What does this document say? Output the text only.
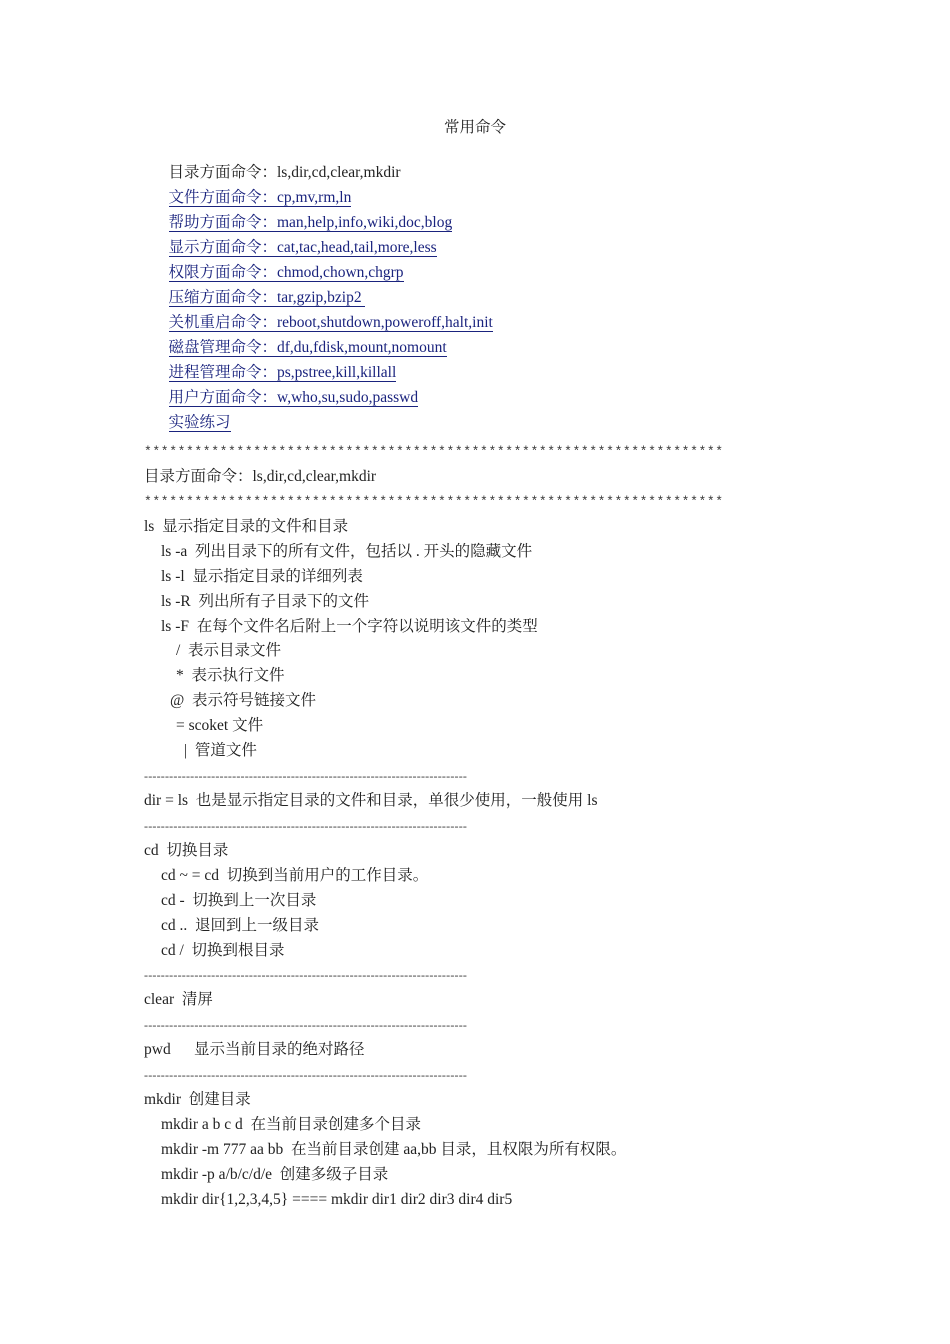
常用命令

目录方面命令：ls,dir,cd,clear,mkdir

文件方面命令：cp,mv,rm,ln

帮助方面命令：man,help,info,wiki,doc,blog

显示方面命令：cat,tac,head,tail,more,less

权限方面命令：chmod,chown,chgrp

压缩方面命令：tar,gzip,bzip2

关机重启命令：reboot,shutdown,poweroff,halt,init

磁盘管理命令：df,du,fdisk,mount,nomount

进程管理命令：ps,pstree,kill,killall

用户方面命令：w,who,su,sudo,passwd

实验练习

*********************************************************************
目录方面命令：ls,dir,cd,clear,mkdir
*********************************************************************
ls  显示指定目录的文件和目录
ls -a  列出目录下的所有文件，包括以 . 开头的隐藏文件
ls -l  显示指定目录的详细列表
ls -R  列出所有子目录下的文件
ls -F  在每个文件名后附上一个字符以说明该文件的类型
/  表示目录文件
*  表示执行文件
@  表示符号链接文件
= scoket 文件
|  管道文件
-----------------------------------------------------------------------------
dir = ls  也是显示指定目录的文件和目录，单很少使用，一般使用 ls
-----------------------------------------------------------------------------
cd  切换目录
cd ~ = cd  切换到当前用户的工作目录。
cd -  切换到上一次目录
cd ..  退回到上一级目录
cd /  切换到根目录
-----------------------------------------------------------------------------
clear  清屏
-----------------------------------------------------------------------------
pwd      显示当前目录的绝对路径
-----------------------------------------------------------------------------
mkdir  创建目录
mkdir a b c d  在当前目录创建多个目录
mkdir -m 777 aa bb  在当前目录创建 aa,bb 目录，且权限为所有权限。
mkdir -p a/b/c/d/e  创建多级子目录
mkdir dir{1,2,3,4,5} ==== mkdir dir1 dir2 dir3 dir4 dir5
